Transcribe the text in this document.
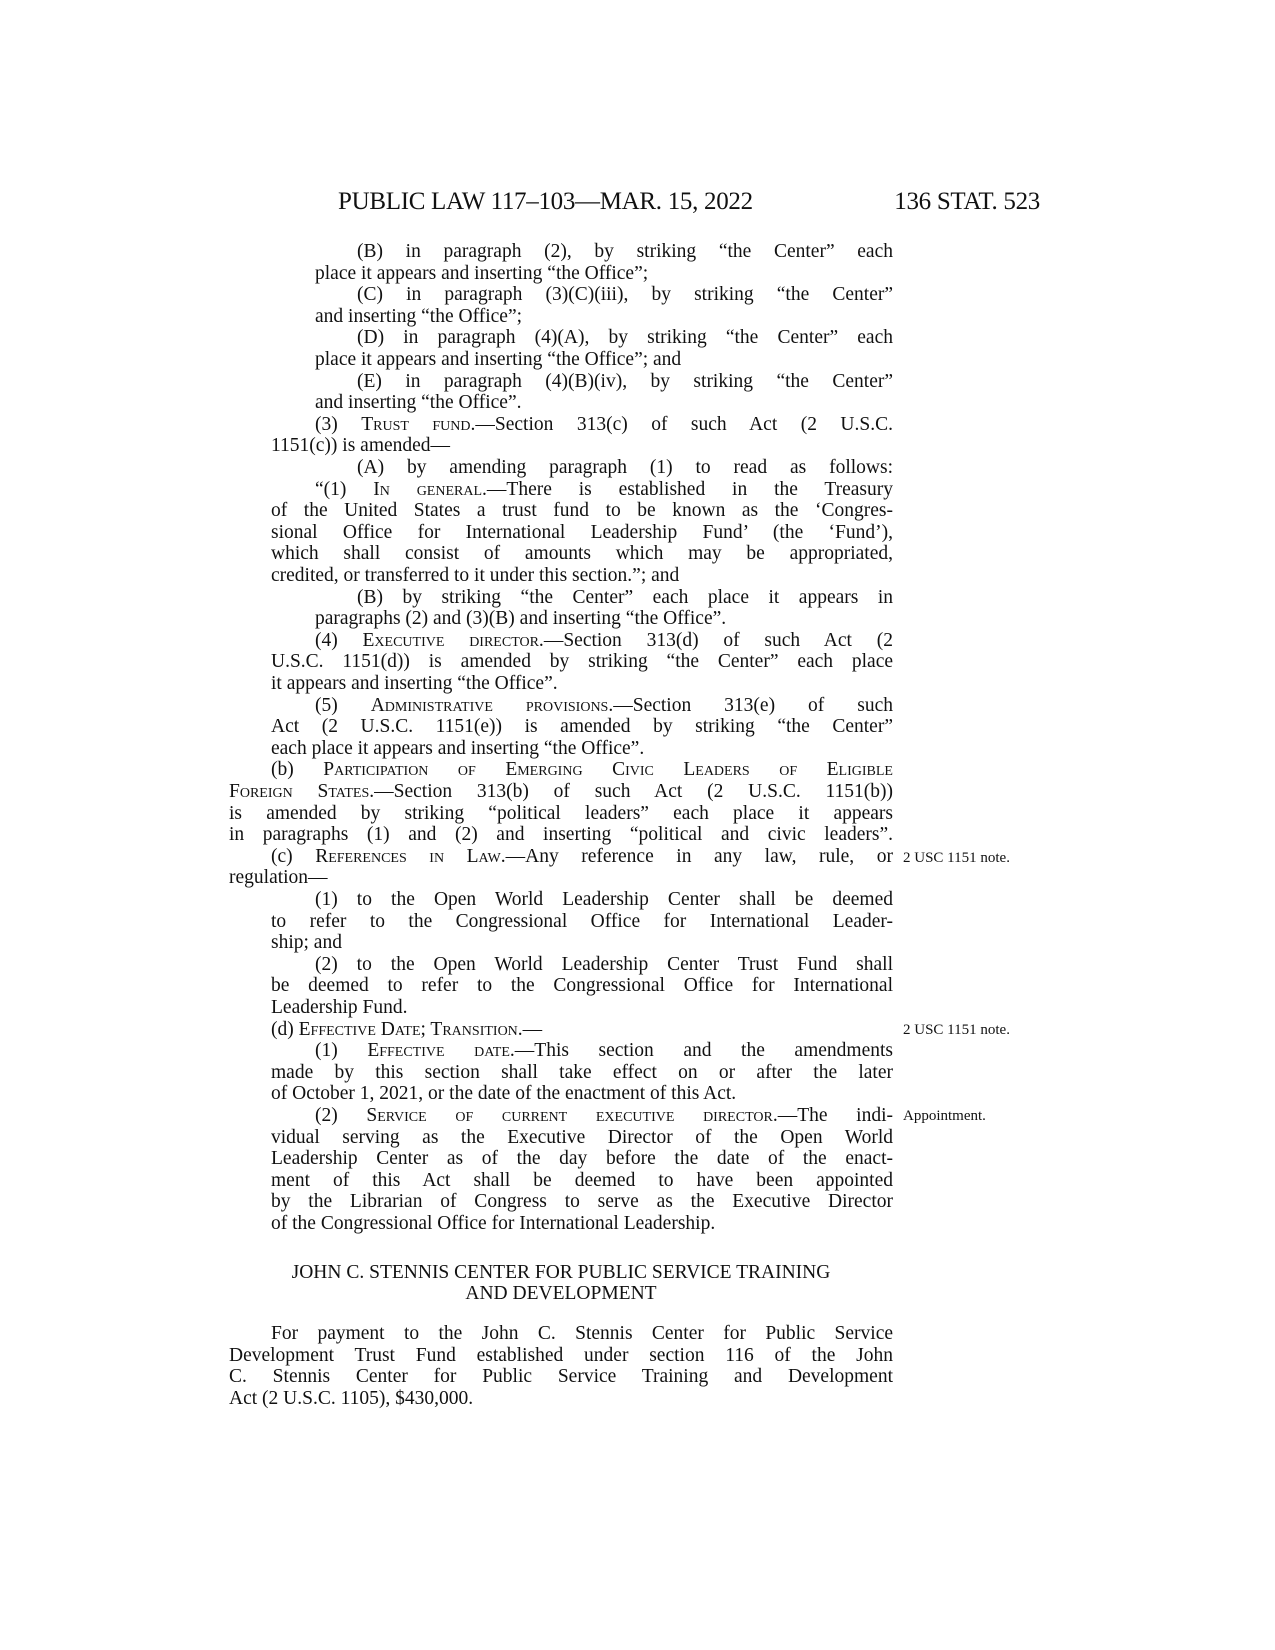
PUBLIC LAW 117–103—MAR. 15, 2022	136 STAT. 523
(B) in paragraph (2), by striking “the Center” each
place it appears and inserting “the Office”;
(C) in paragraph (3)(C)(iii), by striking “the Center”
and inserting “the Office”;
(D) in paragraph (4)(A), by striking “the Center” each
place it appears and inserting “the Office”; and
(E) in paragraph (4)(B)(iv), by striking “the Center”
and inserting “the Office”.
(3) Trust fund.—Section 313(c) of such Act (2 U.S.C.
1151(c)) is amended—
(A) by amending paragraph (1) to read as follows:
“(1) In general.—There is established in the Treasury
of the United States a trust fund to be known as the ‘Congres-
sional Office for International Leadership Fund’ (the ‘Fund’),
which shall consist of amounts which may be appropriated,
credited, or transferred to it under this section.”; and
(B) by striking “the Center” each place it appears in
paragraphs (2) and (3)(B) and inserting “the Office”.
(4) Executive director.—Section 313(d) of such Act (2
U.S.C. 1151(d)) is amended by striking “the Center” each place
it appears and inserting “the Office”.
(5) Administrative provisions.—Section 313(e) of such
Act (2 U.S.C. 1151(e)) is amended by striking “the Center”
each place it appears and inserting “the Office”.
(b) Participation of Emerging Civic Leaders of Eligible
Foreign States.—Section 313(b) of such Act (2 U.S.C. 1151(b))
is amended by striking “political leaders” each place it appears
in paragraphs (1) and (2) and inserting “political and civic leaders”.
(c) References in Law.—Any reference in any law, rule, or
regulation—
(1) to the Open World Leadership Center shall be deemed
to refer to the Congressional Office for International Leader-
ship; and
(2) to the Open World Leadership Center Trust Fund shall
be deemed to refer to the Congressional Office for International
Leadership Fund.
(d) Effective Date; Transition.—
(1) Effective date.—This section and the amendments
made by this section shall take effect on or after the later
of October 1, 2021, or the date of the enactment of this Act.
(2) Service of current executive director.—The indi-
vidual serving as the Executive Director of the Open World
Leadership Center as of the day before the date of the enact-
ment of this Act shall be deemed to have been appointed
by the Librarian of Congress to serve as the Executive Director
of the Congressional Office for International Leadership.
For payment to the John C. Stennis Center for Public Service
Development Trust Fund established under section 116 of the John
C. Stennis Center for Public Service Training and Development
Act (2 U.S.C. 1105), $430,000.
2 USC 1151 note.
2 USC 1151 note.
Appointment.
JOHN C. STENNIS CENTER FOR PUBLIC SERVICE TRAINING
AND DEVELOPMENT
